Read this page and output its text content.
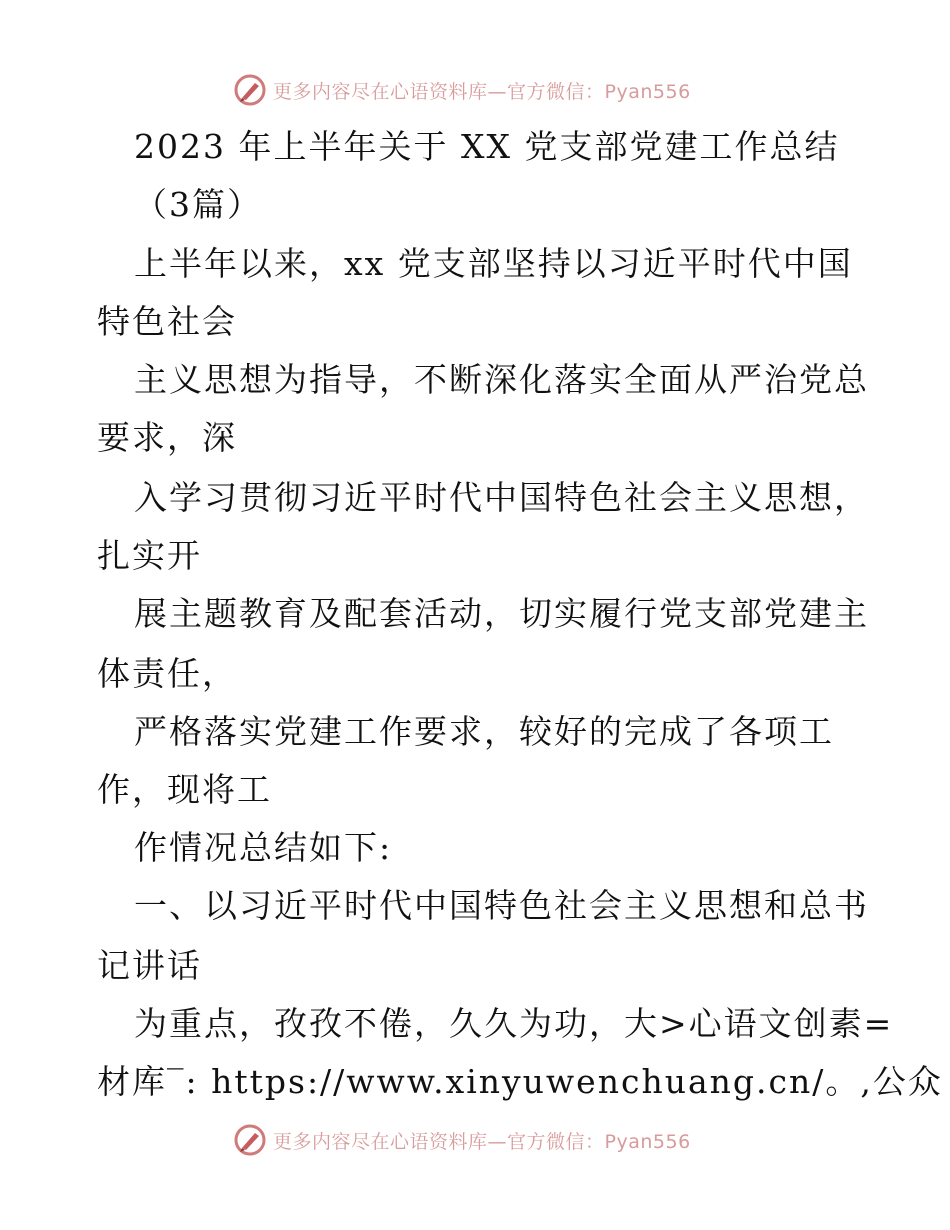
更多内容尽在心语资料库—官方微信：Pyan556
2023 年上半年关于 XX 党支部党建工作总结
（3篇）
上半年以来，xx 党支部坚持以习近平时代中国
特色社会
主义思想为指导，不断深化落实全面从严治党总
要求，深
入学习贯彻习近平时代中国特色社会主义思想，
扎实开
展主题教育及配套活动，切实履行党支部党建主
体责任，
严格落实党建工作要求，较好的完成了各项工
作，现将工
作情况总结如下:
一、以习近平时代中国特色社会主义思想和总书
记讲话
为重点，孜孜不倦，久久为功，大>心语文创素=
材库‾: https://www.xinyuwenchuang.cn/。,公众
更多内容尽在心语资料库—官方微信：Pyan556
